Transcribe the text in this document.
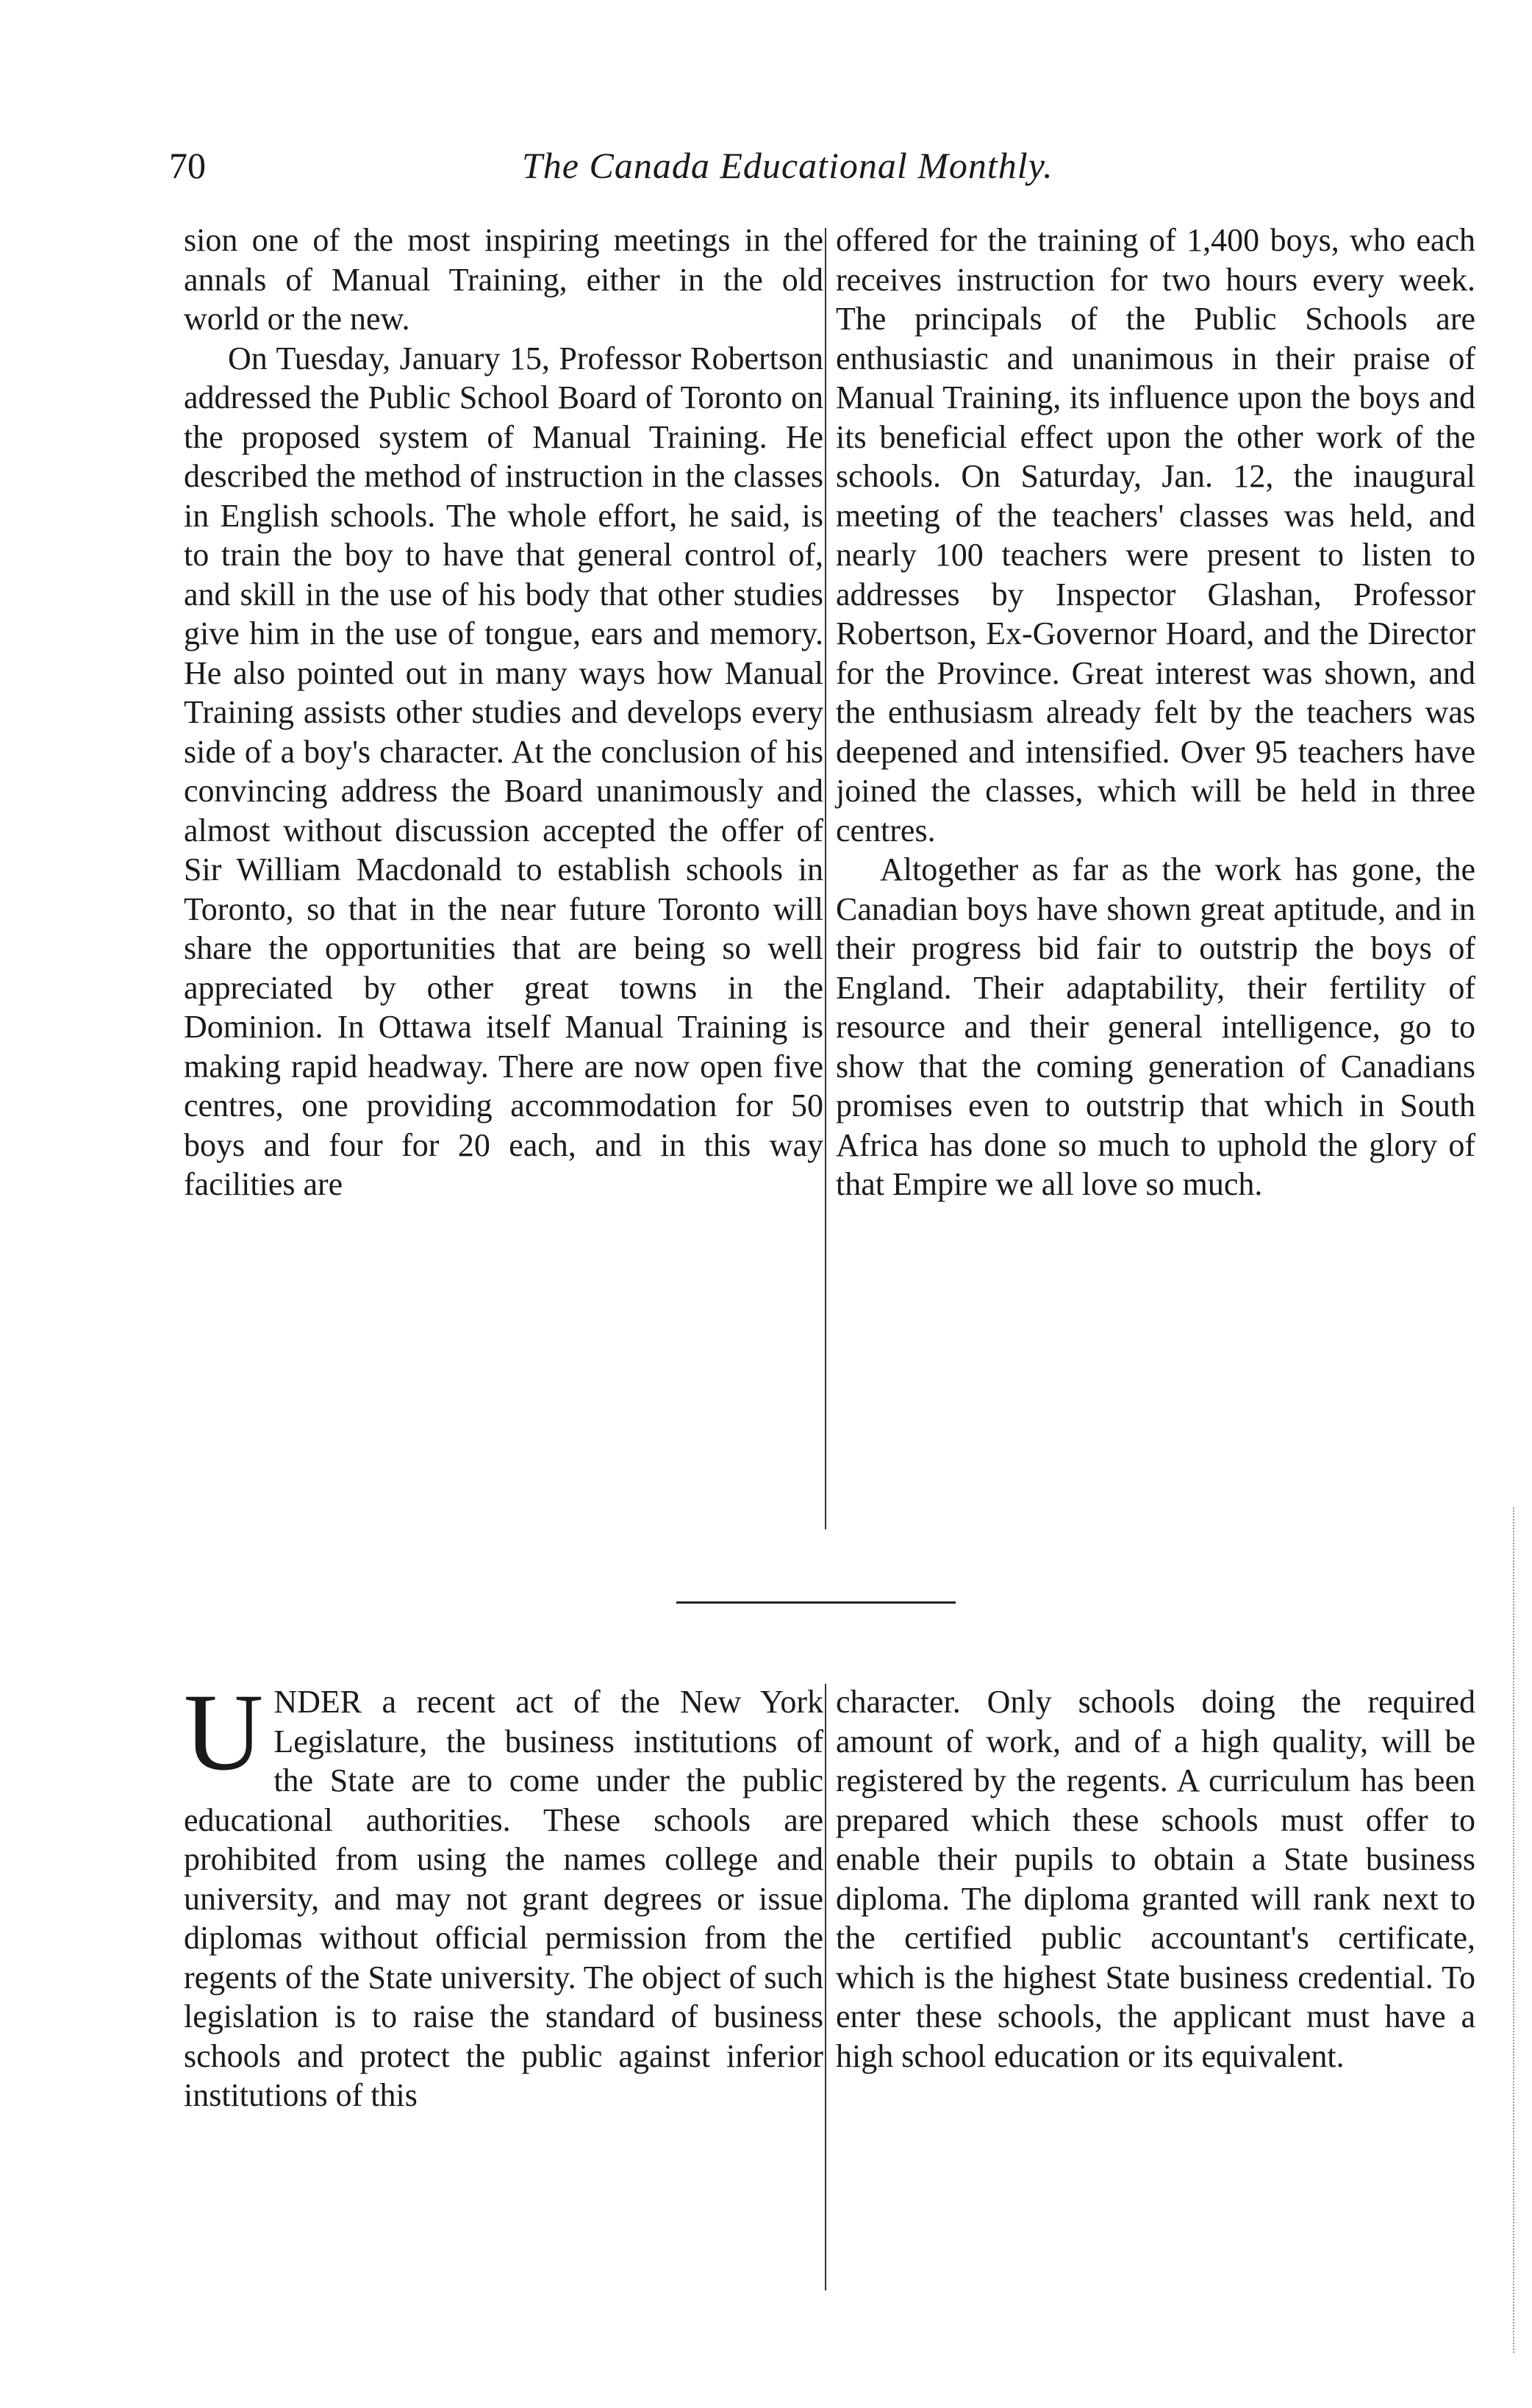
70	The Canada Educational Monthly.

sion one of the most inspiring meetings in the annals of Manual Training, either in the old world or the new.

On Tuesday, January 15, Professor Robertson addressed the Public School Board of Toronto on the proposed system of Manual Training. He described the method of instruction in the classes in English schools. The whole effort, he said, is to train the boy to have that general control of, and skill in the use of his body that other studies give him in the use of tongue, ears and memory. He also pointed out in many ways how Manual Training assists other studies and develops every side of a boy's character. At the conclusion of his convincing address the Board unanimously and almost without discussion accepted the offer of Sir William Macdonald to establish schools in Toronto, so that in the near future Toronto will share the opportunities that are being so well appreciated by other great towns in the Dominion. In Ottawa itself Manual Training is making rapid headway. There are now open five centres, one providing accommodation for 50 boys and four for 20 each, and in this way facilities are

offered for the training of 1,400 boys, who each receives instruction for two hours every week. The principals of the Public Schools are enthusiastic and unanimous in their praise of Manual Training, its influence upon the boys and its beneficial effect upon the other work of the schools. On Saturday, Jan. 12, the inaugural meeting of the teachers' classes was held, and nearly 100 teachers were present to listen to addresses by Inspector Glashan, Professor Robertson, Ex-Governor Hoard, and the Director for the Province. Great interest was shown, and the enthusiasm already felt by the teachers was deepened and intensified. Over 95 teachers have joined the classes, which will be held in three centres.

Altogether as far as the work has gone, the Canadian boys have shown great aptitude, and in their progress bid fair to outstrip the boys of England. Their adaptability, their fertility of resource and their general intelligence, go to show that the coming generation of Canadians promises even to outstrip that which in South Africa has done so much to uphold the glory of that Empire we all love so much.

UNDER a recent act of the New York Legislature, the business institutions of the State are to come under the public educational authorities. These schools are prohibited from using the names college and university, and may not grant degrees or issue diplomas without official permission from the regents of the State university. The object of such legislation is to raise the standard of business schools and protect the public against inferior institutions of this

character. Only schools doing the required amount of work, and of a high quality, will be registered by the regents. A curriculum has been prepared which these schools must offer to enable their pupils to obtain a State business diploma. The diploma granted will rank next to the certified public accountant's certificate, which is the highest State business credential. To enter these schools, the applicant must have a high school education or its equivalent.
